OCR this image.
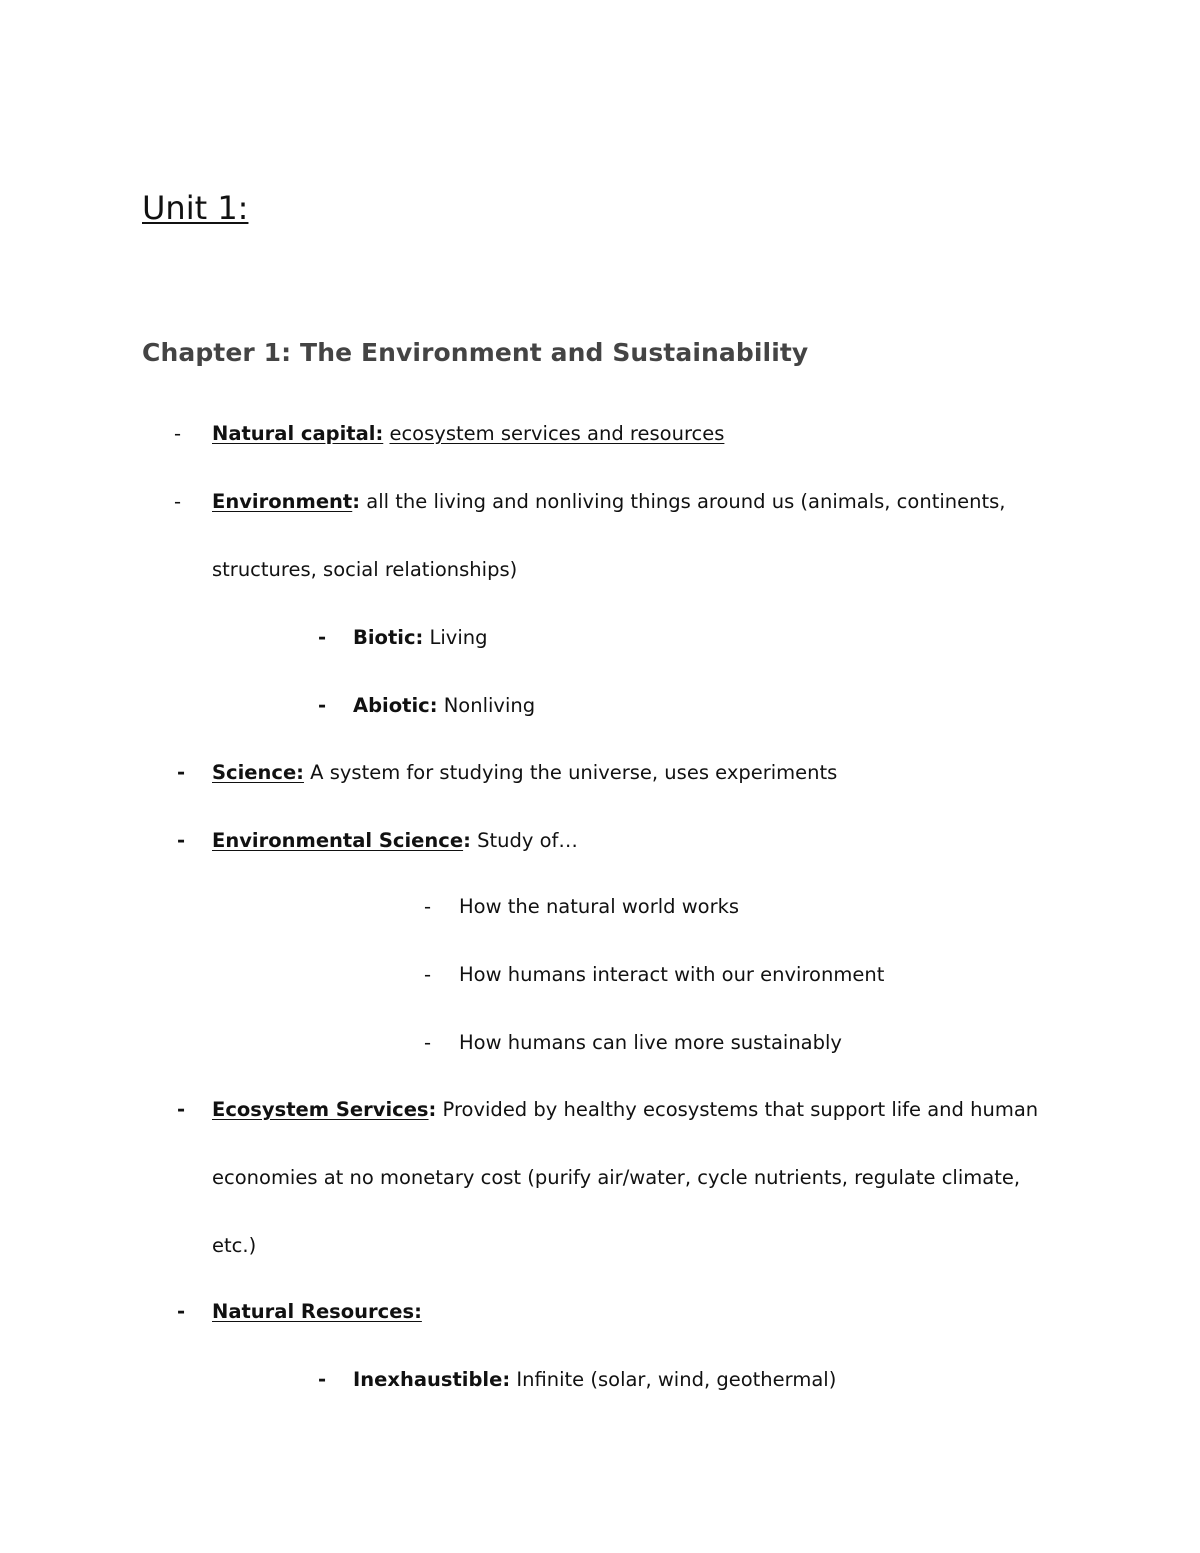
Unit 1:
Chapter 1: The Environment and Sustainability
- Natural capital: ecosystem services and resources
- Environment: all the living and nonliving things around us (animals, continents,
structures, social relationships)
- Biotic: Living
- Abiotic: Nonliving
- Science: A system for studying the universe, uses experiments
- Environmental Science: Study of…
- How the natural world works
- How humans interact with our environment
- How humans can live more sustainably
- Ecosystem Services: Provided by healthy ecosystems that support life and human
economies at no monetary cost (purify air/water, cycle nutrients, regulate climate,
etc.)
- Natural Resources:
- Inexhaustible: Infinite (solar, wind, geothermal)
